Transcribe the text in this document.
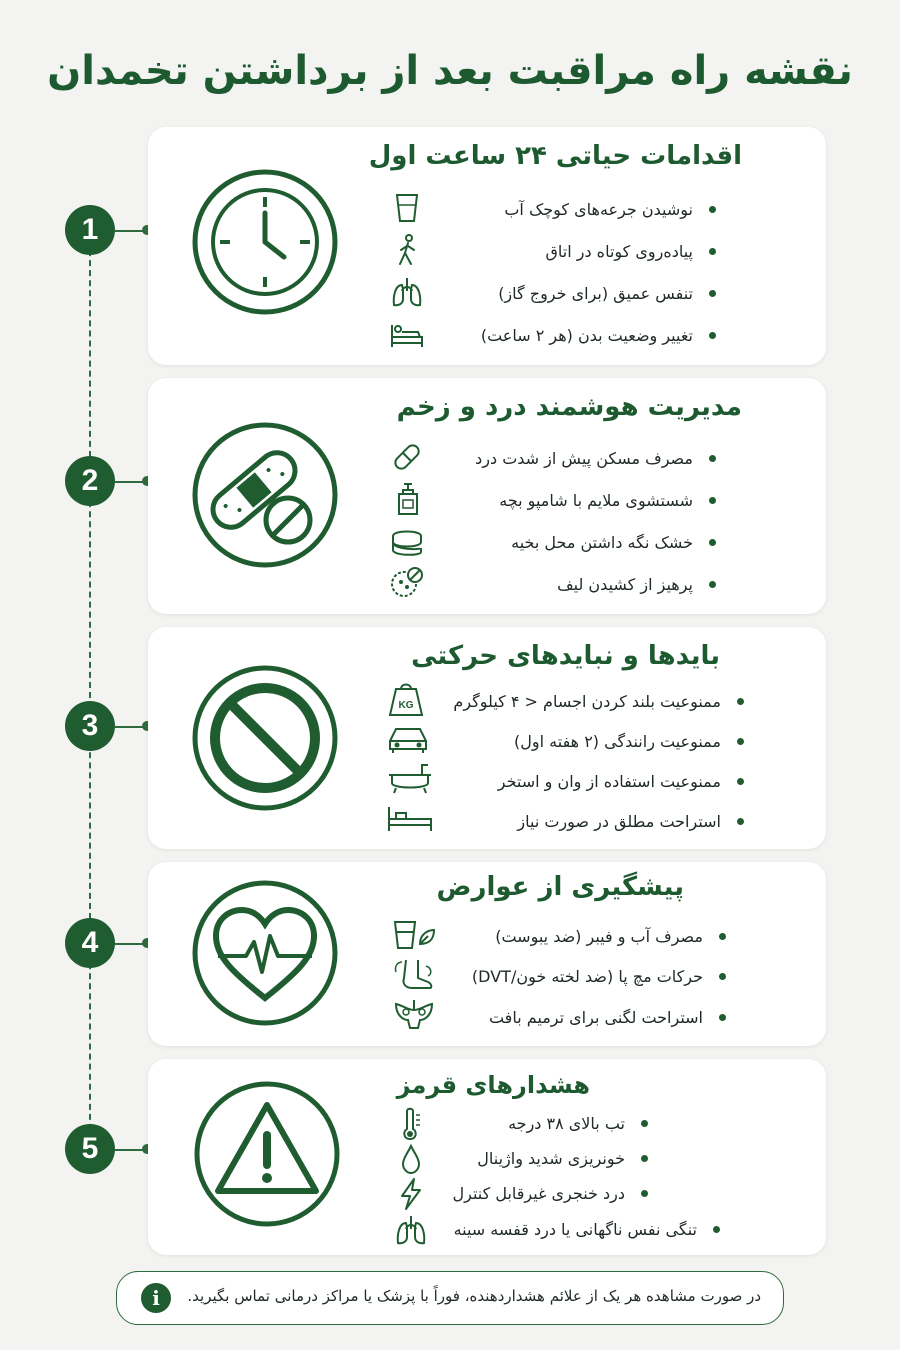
نقشه راه مراقبت بعد از برداشتن تخمدان
1
اقدامات حیاتی ۲۴ ساعت اول
نوشیدن جرعه‌های کوچک آب
پیاده‌روی کوتاه در اتاق
تنفس عمیق (برای خروج گاز)
تغییر وضعیت بدن (هر ۲ ساعت)
2
مدیریت هوشمند درد و زخم
مصرف مسکن پیش از شدت درد
شستشوی ملایم با شامپو بچه
خشک نگه داشتن محل بخیه
پرهیز از کشیدن لیف
3
بایدها و نبایدهای حرکتی
ممنوعیت بلند کردن اجسام < ۴ کیلوگرم
ممنوعیت رانندگی (۲ هفته اول)
ممنوعیت استفاده از وان و استخر
استراحت مطلق در صورت نیاز
KG
4
پیشگیری از عوارض
مصرف آب و فیبر (ضد یبوست)
حرکات مچ پا (ضد لخته خون/DVT)
استراحت لگنی برای ترمیم بافت
5
هشدارهای قرمز
تب بالای ۳۸ درجه
خونریزی شدید واژینال
درد خنجری غیرقابل کنترل
تنگی نفس ناگهانی یا درد قفسه سینه
i	در صورت مشاهده هر یک از علائم هشداردهنده، فوراً با پزشک یا مراکز درمانی تماس بگیرید.
